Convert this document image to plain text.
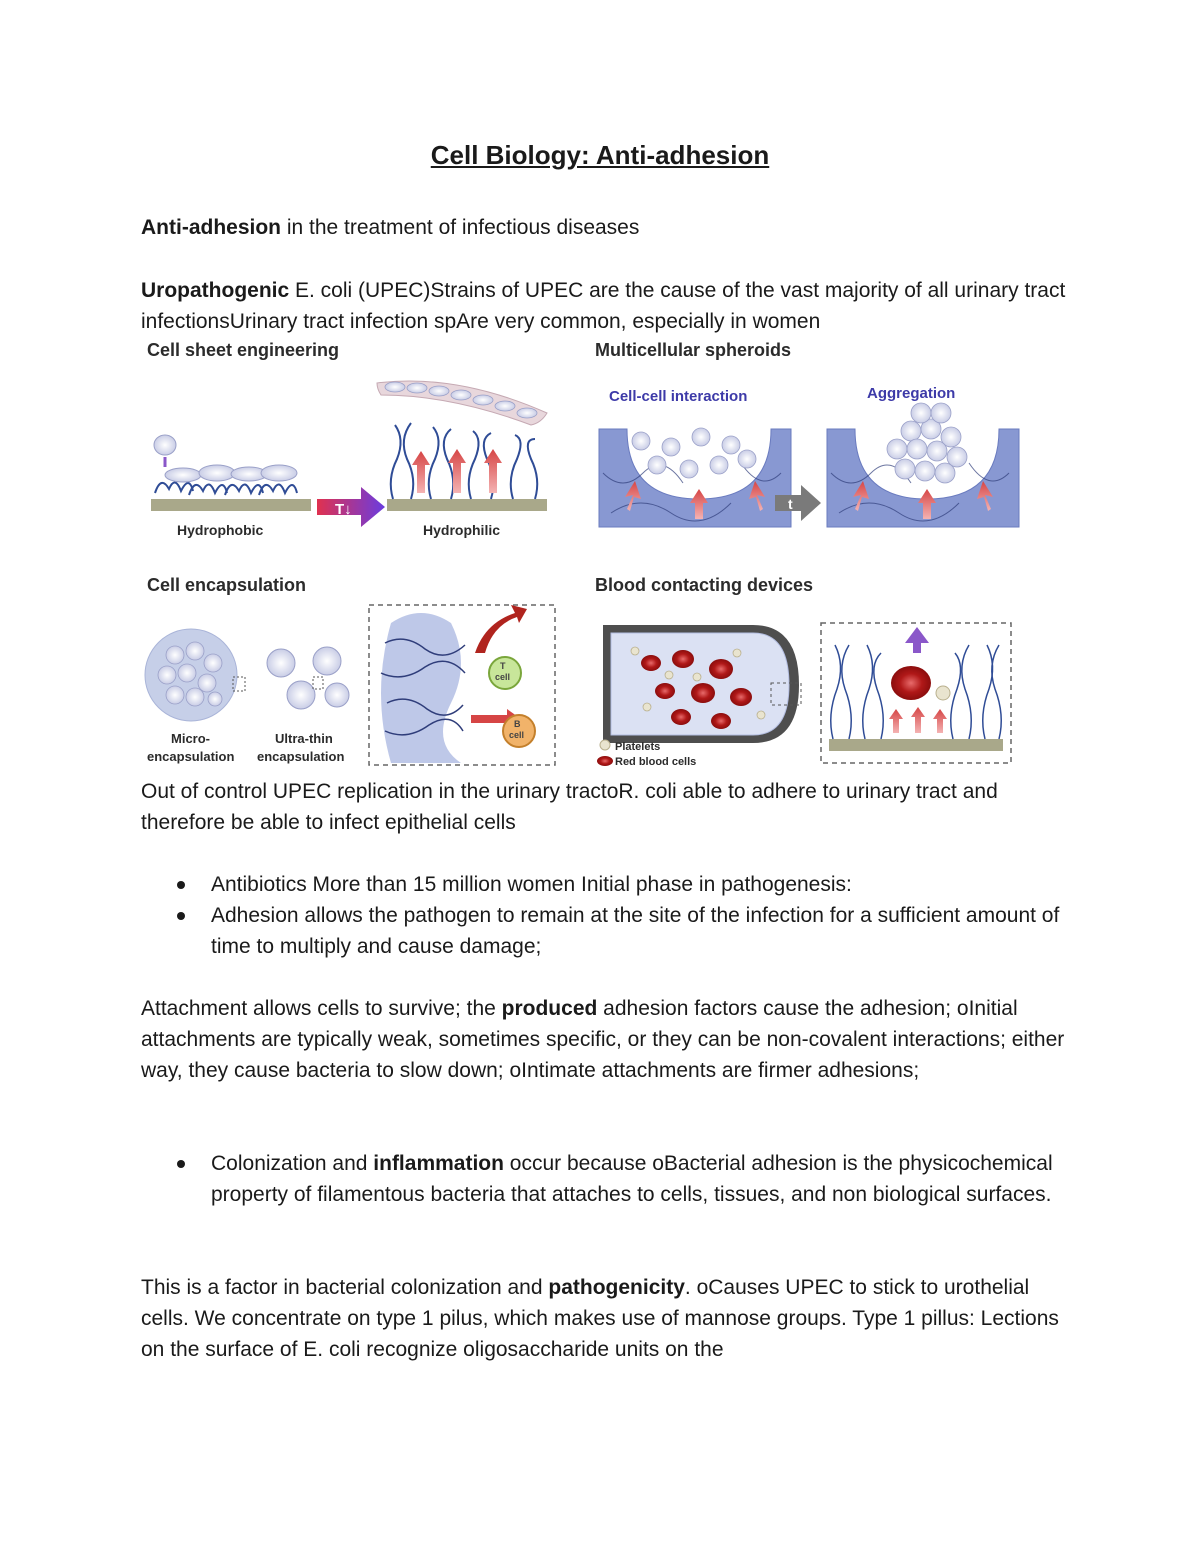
Cell Biology: Anti-adhesion

Anti-adhesion in the treatment of infectious diseases

Uropathogenic E. coli (UPEC)Strains of UPEC are the cause of the vast majority of all urinary tract infectionsUrinary tract infection spAre very common, especially in women

Cell sheet engineering
Hydrophobic
T↓
Hydrophilic
Multicellular spheroids
Cell-cell interaction	Aggregation
t
Cell encapsulation
Micro-
encapsulation
Ultra-thin
encapsulation
T
cell
B
cell
Blood contacting devices
Platelets
Red blood cells

Out of control UPEC replication in the urinary tractoR. coli able to adhere to urinary tract and therefore be able to infect epithelial cells

Antibiotics More than 15 million women Initial phase in pathogenesis:
Adhesion allows the pathogen to remain at the site of the infection for a sufficient amount of time to multiply and cause damage;

Attachment allows cells to survive; the produced adhesion factors cause the adhesion; oInitial attachments are typically weak, sometimes specific, or they can be non-covalent interactions; either way, they cause bacteria to slow down; oIntimate attachments are firmer adhesions;

Colonization and inflammation occur because oBacterial adhesion is the physicochemical property of filamentous bacteria that attaches to cells, tissues, and non biological surfaces.

This is a factor in bacterial colonization and pathogenicity. oCauses UPEC to stick to urothelial cells. We concentrate on type 1 pilus, which makes use of mannose groups. Type 1 pillus: Lections on the surface of E. coli recognize oligosaccharide units on the
